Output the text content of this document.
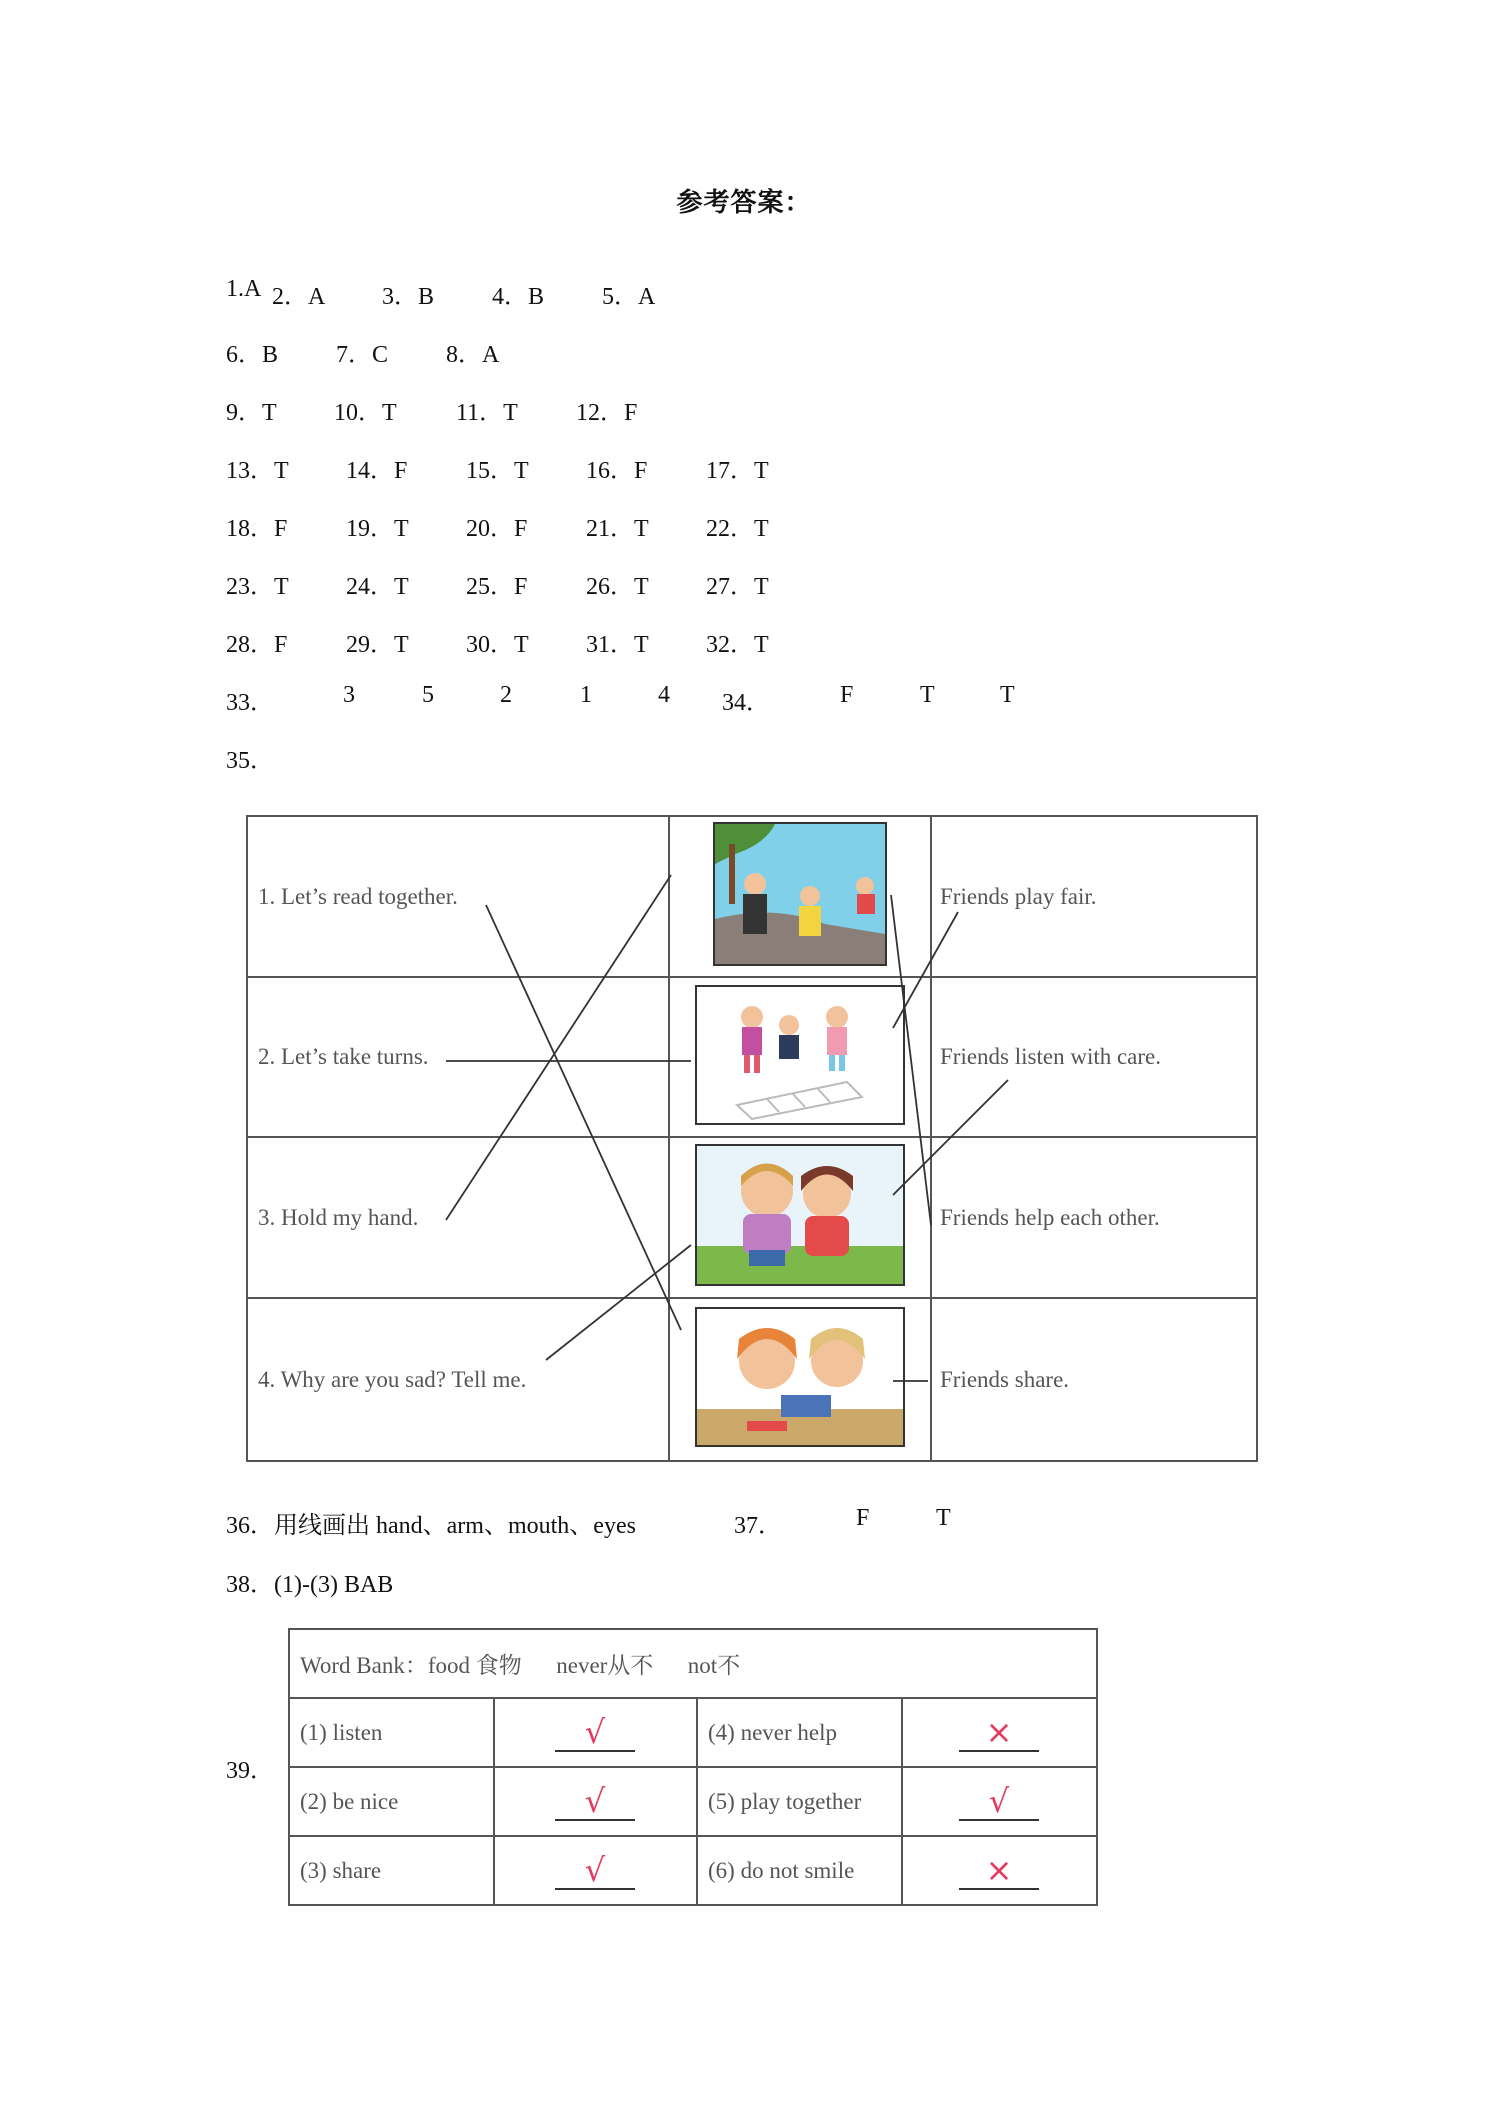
参考答案：
1.A 2．A 3．B 4．B 5．A
6．B 7．C 8．A
9．T 10．T 11．T 12．F
13．T 14．F 15．T 16．F 17．T
18．F 19．T 20．F 21．T 22．T
23．T 24．T 25．F 26．T 27．T
28．F 29．T 30．T 31．T 32．T
33．	3	5	2	1	4 34．	F	T	T
35．
1. Let’s read together.		Friends play fair.
2. Let’s take turns.		Friends listen with care.
3. Hold my hand.		Friends help each other.
4. Why are you sad? Tell me.		Friends share.
36．用线画出 hand、arm、mouth、eyes	37．	F	T
38．(1)-(3) BAB
39．
Word Bank：food 食物      never从不      not不			
(1) listen	√	(4) never help	×
(2) be nice	√	(5) play together	√
(3) share	√	(6) do not smile	×
